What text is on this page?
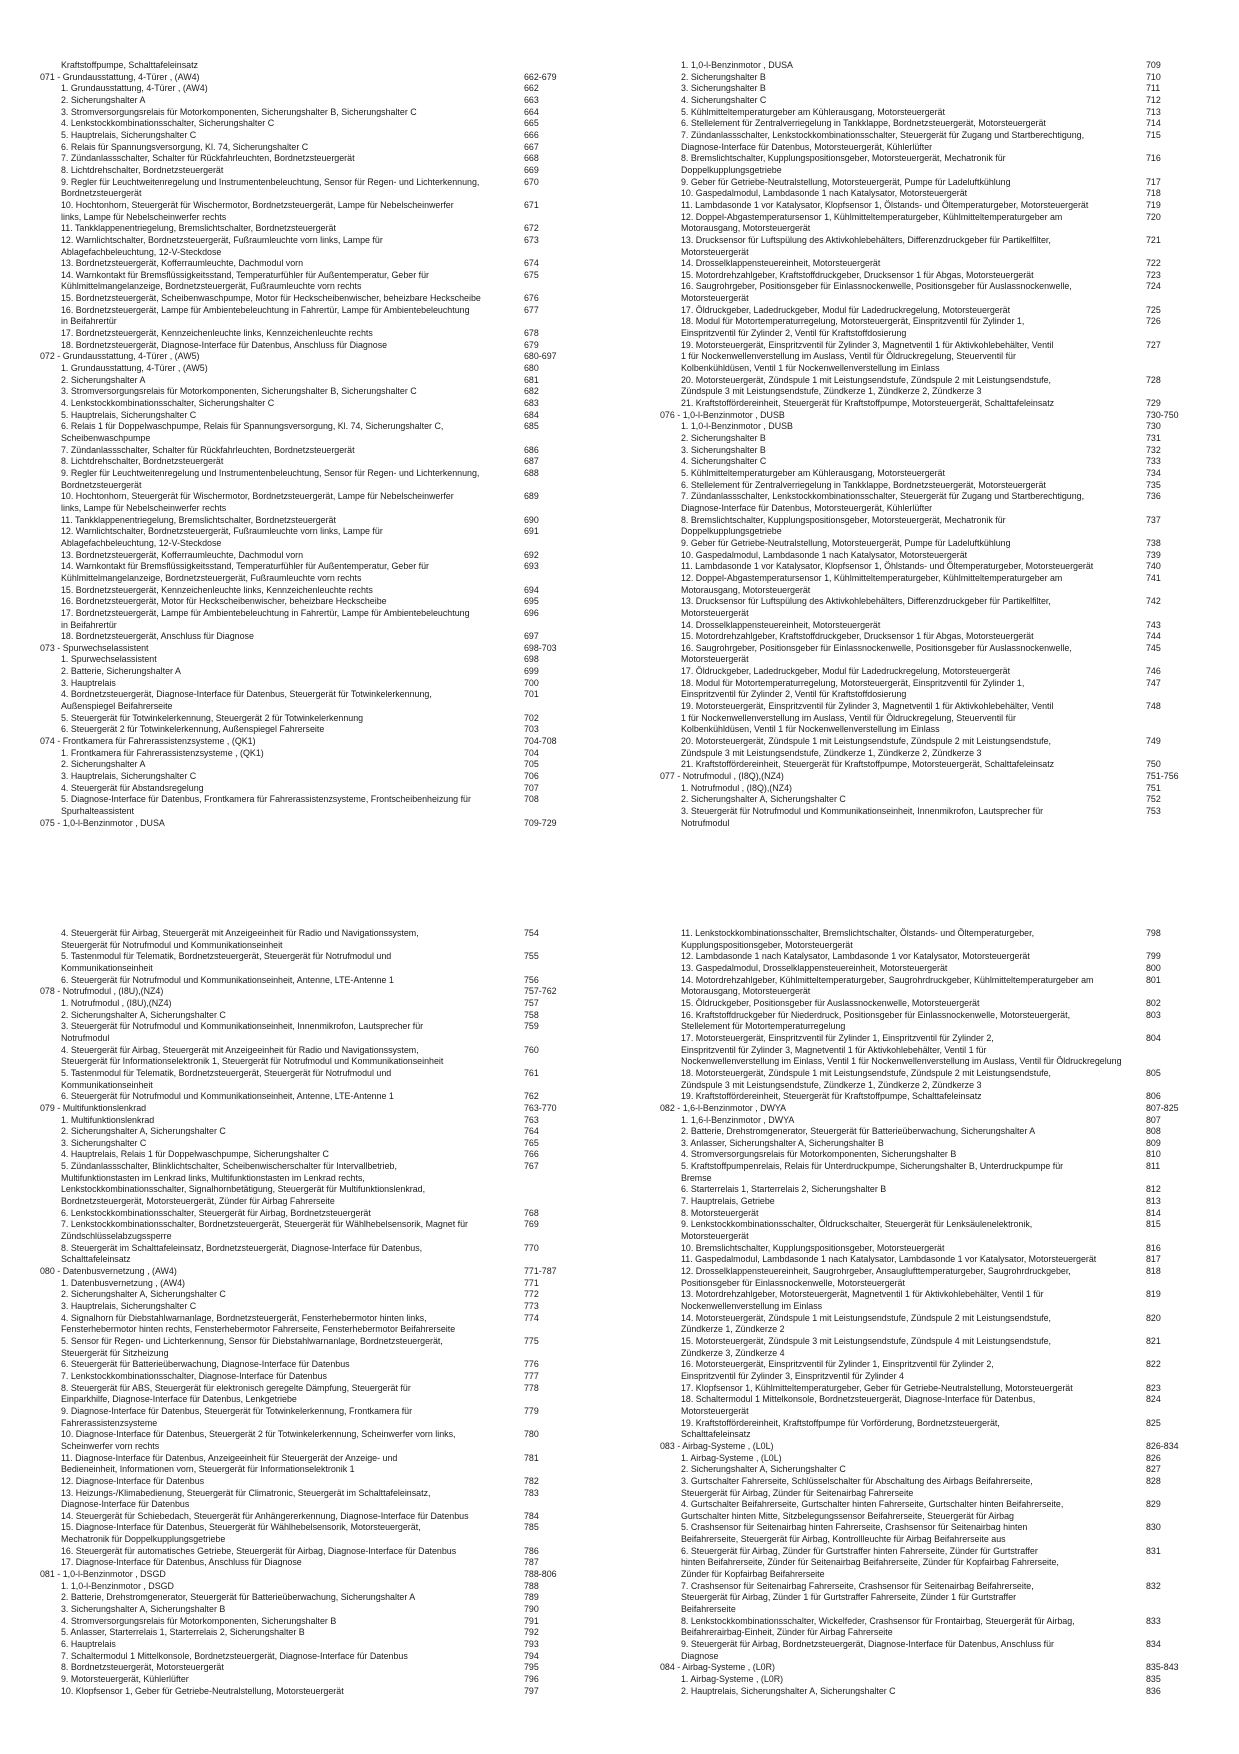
Kraftstoffpumpe, Schalttafeleinsatz
071 - Grundausstattung, 4-Türer , (AW4)	662-679
1. Grundausstattung, 4-Türer , (AW4)	662
2. Sicherungshalter A	663
3. Stromversorgungsrelais für Motorkomponenten, Sicherungshalter B, Sicherungshalter C	664
4. Lenkstockkombinationsschalter, Sicherungshalter C	665
5. Hauptrelais, Sicherungshalter C	666
6. Relais für Spannungsversorgung, Kl. 74, Sicherungshalter C	667
7. Zündanlassschalter, Schalter für Rückfahrleuchten, Bordnetzsteuergerät	668
8. Lichtdrehschalter, Bordnetzsteuergerät	669
9. Regler für Leuchtweitenregelung und Instrumentenbeleuchtung, Sensor für Regen- und Lichterkennung,	670
Bordnetzsteuergerät
10. Hochtonhorn, Steuergerät für Wischermotor, Bordnetzsteuergerät, Lampe für Nebelscheinwerfer	671
links, Lampe für Nebelscheinwerfer rechts
11. Tankklappenentriegelung, Bremslichtschalter, Bordnetzsteuergerät	672
12. Warnlichtschalter, Bordnetzsteuergerät, Fußraumleuchte vorn links, Lampe für	673
Ablagefachbeleuchtung, 12-V-Steckdose
13. Bordnetzsteuergerät, Kofferraumleuchte, Dachmodul vorn	674
14. Warnkontakt für Bremsflüssigkeitsstand, Temperaturfühler für Außentemperatur, Geber für	675
Kühlmittelmangelanzeige, Bordnetzsteuergerät, Fußraumleuchte vorn rechts
15. Bordnetzsteuergerät, Scheibenwaschpumpe, Motor für Heckscheibenwischer, beheizbare Heckscheibe	676
16. Bordnetzsteuergerät, Lampe für Ambientebeleuchtung in Fahrertür, Lampe für Ambientebeleuchtung	677
in Beifahrertür
17. Bordnetzsteuergerät, Kennzeichenleuchte links, Kennzeichenleuchte rechts	678
18. Bordnetzsteuergerät, Diagnose-Interface für Datenbus, Anschluss für Diagnose	679
072 - Grundausstattung, 4-Türer , (AW5)	680-697
1. Grundausstattung, 4-Türer , (AW5)	680
2. Sicherungshalter A	681
3. Stromversorgungsrelais für Motorkomponenten, Sicherungshalter B, Sicherungshalter C	682
4. Lenkstockkombinationsschalter, Sicherungshalter C	683
5. Hauptrelais, Sicherungshalter C	684
6. Relais 1 für Doppelwaschpumpe, Relais für Spannungsversorgung, Kl. 74, Sicherungshalter C,	685
Scheibenwaschpumpe
7. Zündanlassschalter, Schalter für Rückfahrleuchten, Bordnetzsteuergerät	686
8. Lichtdrehschalter, Bordnetzsteuergerät	687
9. Regler für Leuchtweitenregelung und Instrumentenbeleuchtung, Sensor für Regen- und Lichterkennung,	688
Bordnetzsteuergerät
10. Hochtonhorn, Steuergerät für Wischermotor, Bordnetzsteuergerät, Lampe für Nebelscheinwerfer	689
links, Lampe für Nebelscheinwerfer rechts
11. Tankklappenentriegelung, Bremslichtschalter, Bordnetzsteuergerät	690
12. Warnlichtschalter, Bordnetzsteuergerät, Fußraumleuchte vorn links, Lampe für	691
Ablagefachbeleuchtung, 12-V-Steckdose
13. Bordnetzsteuergerät, Kofferraumleuchte, Dachmodul vorn	692
14. Warnkontakt für Bremsflüssigkeitsstand, Temperaturfühler für Außentemperatur, Geber für	693
Kühlmittelmangelanzeige, Bordnetzsteuergerät, Fußraumleuchte vorn rechts
15. Bordnetzsteuergerät, Kennzeichenleuchte links, Kennzeichenleuchte rechts	694
16. Bordnetzsteuergerät, Motor für Heckscheibenwischer, beheizbare Heckscheibe	695
17. Bordnetzsteuergerät, Lampe für Ambientebeleuchtung in Fahrertür, Lampe für Ambientebeleuchtung	696
in Beifahrertür
18. Bordnetzsteuergerät, Anschluss für Diagnose	697
073 - Spurwechselassistent	698-703
1. Spurwechselassistent	698
2. Batterie, Sicherungshalter A	699
3. Hauptrelais	700
4. Bordnetzsteuergerät, Diagnose-Interface für Datenbus, Steuergerät für Totwinkelerkennung,	701
Außenspiegel Beifahrerseite
5. Steuergerät für Totwinkelerkennung, Steuergerät 2 für Totwinkelerkennung	702
6. Steuergerät 2 für Totwinkelerkennung, Außenspiegel Fahrerseite	703
074 - Frontkamera für Fahrerassistenzsysteme , (QK1)	704-708
1. Frontkamera für Fahrerassistenzsysteme , (QK1)	704
2. Sicherungshalter A	705
3. Hauptrelais, Sicherungshalter C	706
4. Steuergerät für Abstandsregelung	707
5. Diagnose-Interface für Datenbus, Frontkamera für Fahrerassistenzsysteme, Frontscheibenheizung für	708
Spurhalteassistent
075 - 1,0-l-Benzinmotor , DUSA	709-729
1. 1,0-l-Benzinmotor , DUSA	709
2. Sicherungshalter B	710
3. Sicherungshalter B	711
4. Sicherungshalter C	712
5. Kühlmitteltemperaturgeber am Kühlerausgang, Motorsteuergerät	713
6. Stellelement für Zentralverriegelung in Tankklappe, Bordnetzsteuergerät, Motorsteuergerät	714
7. Zündanlassschalter, Lenkstockkombinationsschalter, Steuergerät für Zugang und Startberechtigung,	715
Diagnose-Interface für Datenbus, Motorsteuergerät, Kühlerlüfter
8. Bremslichtschalter, Kupplungspositionsgeber, Motorsteuergerät, Mechatronik für	716
Doppelkupplungsgetriebe
9. Geber für Getriebe-Neutralstellung, Motorsteuergerät, Pumpe für Ladeluftkühlung	717
10. Gaspedalmodul, Lambdasonde 1 nach Katalysator, Motorsteuergerät	718
11. Lambdasonde 1 vor Katalysator, Klopfsensor 1, Ölstands- und Öltemperaturgeber, Motorsteuergerät	719
12. Doppel-Abgastemperatursensor 1, Kühlmitteltemperaturgeber, Kühlmitteltemperaturgeber am	720
Motorausgang, Motorsteuergerät
13. Drucksensor für Luftspülung des Aktivkohlebehälters, Differenzdruckgeber für Partikelfilter,	721
Motorsteuergerät
14. Drosselklappensteuereinheit, Motorsteuergerät	722
15. Motordrehzahlgeber, Kraftstoffdruckgeber, Drucksensor 1 für Abgas, Motorsteuergerät	723
16. Saugrohrgeber, Positionsgeber für Einlassnockenwelle, Positionsgeber für Auslassnockenwelle,	724
Motorsteuergerät
17. Öldruckgeber, Ladedruckgeber, Modul für Ladedruckregelung, Motorsteuergerät	725
18. Modul für Motortemperaturregelung, Motorsteuergerät, Einspritzventil für Zylinder 1,	726
Einspritzventil für Zylinder 2, Ventil für Kraftstoffdosierung
19. Motorsteuergerät, Einspritzventil für Zylinder 3, Magnetventil 1 für Aktivkohlebehälter, Ventil	727
1 für Nockenwellenverstellung im Auslass, Ventil für Öldruckregelung, Steuerventil für
Kolbenkühldüsen, Ventil 1 für Nockenwellenverstellung im Einlass
20. Motorsteuergerät, Zündspule 1 mit Leistungsendstufe, Zündspule 2 mit Leistungsendstufe,	728
Zündspule 3 mit Leistungsendstufe, Zündkerze 1, Zündkerze 2, Zündkerze 3
21. Kraftstoffördereinheit, Steuergerät für Kraftstoffpumpe, Motorsteuergerät, Schalttafeleinsatz	729
076 - 1,0-l-Benzinmotor , DUSB	730-750
1. 1,0-l-Benzinmotor , DUSB	730
2. Sicherungshalter B	731
3. Sicherungshalter B	732
4. Sicherungshalter C	733
5. Kühlmitteltemperaturgeber am Kühlerausgang, Motorsteuergerät	734
6. Stellelement für Zentralverriegelung in Tankklappe, Bordnetzsteuergerät, Motorsteuergerät	735
7. Zündanlassschalter, Lenkstockkombinationsschalter, Steuergerät für Zugang und Startberechtigung,	736
Diagnose-Interface für Datenbus, Motorsteuergerät, Kühlerlüfter
8. Bremslichtschalter, Kupplungspositionsgeber, Motorsteuergerät, Mechatronik für	737
Doppelkupplungsgetriebe
9. Geber für Getriebe-Neutralstellung, Motorsteuergerät, Pumpe für Ladeluftkühlung	738
10. Gaspedalmodul, Lambdasonde 1 nach Katalysator, Motorsteuergerät	739
11. Lambdasonde 1 vor Katalysator, Klopfsensor 1, Öhlstands- und Öltemperaturgeber, Motorsteuergerät	740
12. Doppel-Abgastemperatursensor 1, Kühlmitteltemperaturgeber, Kühlmitteltemperaturgeber am	741
Motorausgang, Motorsteuergerät
13. Drucksensor für Luftspülung des Aktivkohlebehälters, Differenzdruckgeber für Partikelfilter,	742
Motorsteuergerät
14. Drosselklappensteuereinheit, Motorsteuergerät	743
15. Motordrehzahlgeber, Kraftstoffdruckgeber, Drucksensor 1 für Abgas, Motorsteuergerät	744
16. Saugrohrgeber, Positionsgeber für Einlassnockenwelle, Positionsgeber für Auslassnockenwelle,	745
Motorsteuergerät
17. Öldruckgeber, Ladedruckgeber, Modul für Ladedruckregelung, Motorsteuergerät	746
18. Modul für Motortemperaturregelung, Motorsteuergerät, Einspritzventil für Zylinder 1,	747
Einspritzventil für Zylinder 2, Ventil für Kraftstoffdosierung
19. Motorsteuergerät, Einspritzventil für Zylinder 3, Magnetventil 1 für Aktivkohlebehälter, Ventil	748
1 für Nockenwellenverstellung im Auslass, Ventil für Öldruckregelung, Steuerventil für
Kolbenkühldüsen, Ventil 1 für Nockenwellenverstellung im Einlass
20. Motorsteuergerät, Zündspule 1 mit Leistungsendstufe, Zündspule 2 mit Leistungsendstufe,	749
Zündspule 3 mit Leistungsendstufe, Zündkerze 1, Zündkerze 2, Zündkerze 3
21. Kraftstoffördereinheit, Steuergerät für Kraftstoffpumpe, Motorsteuergerät, Schalttafeleinsatz	750
077 - Notrufmodul , (I8Q),(NZ4)	751-756
1. Notrufmodul , (I8Q),(NZ4)	751
2. Sicherungshalter A, Sicherungshalter C	752
3. Steuergerät für Notrufmodul und Kommunikationseinheit, Innenmikrofon, Lautsprecher für	753
Notrufmodul
4. Steuergerät für Airbag, Steuergerät mit Anzeigeeinheit für Radio und Navigationssystem,	754
Steuergerät für Notrufmodul und Kommunikationseinheit
5. Tastenmodul für Telematik, Bordnetzsteuergerät, Steuergerät für Notrufmodul und	755
Kommunikationseinheit
6. Steuergerät für Notrufmodul und Kommunikationseinheit, Antenne, LTE-Antenne 1	756
078 - Notrufmodul , (I8U),(NZ4)	757-762
1. Notrufmodul , (I8U),(NZ4)	757
2. Sicherungshalter A, Sicherungshalter C	758
3. Steuergerät für Notrufmodul und Kommunikationseinheit, Innenmikrofon, Lautsprecher für	759
Notrufmodul
4. Steuergerät für Airbag, Steuergerät mit Anzeigeeinheit für Radio und Navigationssystem,	760
Steuergerät für Informationselektronik 1, Steuergerät für Notrufmodul und Kommunikationseinheit
5. Tastenmodul für Telematik, Bordnetzsteuergerät, Steuergerät für Notrufmodul und	761
Kommunikationseinheit
6. Steuergerät für Notrufmodul und Kommunikationseinheit, Antenne, LTE-Antenne 1	762
079 - Multifunktionslenkrad	763-770
1. Multifunktionslenkrad	763
2. Sicherungshalter A, Sicherungshalter C	764
3. Sicherungshalter C	765
4. Hauptrelais, Relais 1 für Doppelwaschpumpe, Sicherungshalter C	766
5. Zündanlassschalter, Blinklichtschalter, Scheibenwischerschalter für Intervallbetrieb,	767
Multifunktionstasten im Lenkrad links, Multifunktionstasten im Lenkrad rechts,
Lenkstockkombinationsschalter, Signalhornbetätigung, Steuergerät für Multifunktionslenkrad,
Bordnetzsteuergerät, Motorsteuergerät, Zünder für Airbag Fahrerseite
6. Lenkstockkombinationsschalter, Steuergerät für Airbag, Bordnetzsteuergerät	768
7. Lenkstockkombinationsschalter, Bordnetzsteuergerät, Steuergerät für Wählhebelsensorik, Magnet für	769
Zündschlüsselabzugssperre
8. Steuergerät im Schalttafeleinsatz, Bordnetzsteuergerät, Diagnose-Interface für Datenbus,	770
Schalttafeleinsatz
080 - Datenbusvernetzung , (AW4)	771-787
1. Datenbusvernetzung , (AW4)	771
2. Sicherungshalter A, Sicherungshalter C	772
3. Hauptrelais, Sicherungshalter C	773
4. Signalhorn für Diebstahlwarnanlage, Bordnetzsteuergerät, Fensterhebermotor hinten links,	774
Fensterhebermotor hinten rechts, Fensterhebermotor Fahrerseite, Fensterhebermotor Beifahrerseite
5. Sensor für Regen- und Lichterkennung, Sensor für Diebstahlwarnanlage, Bordnetzsteuergerät,	775
Steuergerät für Sitzheizung
6. Steuergerät für Batterieüberwachung, Diagnose-Interface für Datenbus	776
7. Lenkstockkombinationsschalter, Diagnose-Interface für Datenbus	777
8. Steuergerät für ABS, Steuergerät für elektronisch geregelte Dämpfung, Steuergerät für	778
Einparkhilfe, Diagnose-Interface für Datenbus, Lenkgetriebe
9. Diagnose-Interface für Datenbus, Steuergerät für Totwinkelerkennung, Frontkamera für	779
Fahrerassistenzsysteme
10. Diagnose-Interface für Datenbus, Steuergerät 2 für Totwinkelerkennung, Scheinwerfer vorn links,	780
Scheinwerfer vorn rechts
11. Diagnose-Interface für Datenbus, Anzeigeeinheit für Steuergerät der Anzeige- und	781
Bedieneinheit, Informationen vorn, Steuergerät für Informationselektronik 1
12. Diagnose-Interface für Datenbus	782
13. Heizungs-/Klimabedienung, Steuergerät für Climatronic, Steuergerät im Schalttafeleinsatz,	783
Diagnose-Interface für Datenbus
14. Steuergerät für Schiebedach, Steuergerät für Anhängererkennung, Diagnose-Interface für Datenbus	784
15. Diagnose-Interface für Datenbus, Steuergerät für Wählhebelsensorik, Motorsteuergerät,	785
Mechatronik für Doppelkupplungsgetriebe
16. Steuergerät für automatisches Getriebe, Steuergerät für Airbag, Diagnose-Interface für Datenbus	786
17. Diagnose-Interface für Datenbus, Anschluss für Diagnose	787
081 - 1,0-l-Benzinmotor , DSGD	788-806
1. 1,0-l-Benzinmotor , DSGD	788
2. Batterie, Drehstromgenerator, Steuergerät für Batterieüberwachung, Sicherungshalter A	789
3. Sicherungshalter A, Sicherungshalter B	790
4. Stromversorgungsrelais für Motorkomponenten, Sicherungshalter B	791
5. Anlasser, Starterrelais 1, Starterrelais 2, Sicherungshalter B	792
6. Hauptrelais	793
7. Schaltermodul 1 Mittelkonsole, Bordnetzsteuergerät, Diagnose-Interface für Datenbus	794
8. Bordnetzsteuergerät, Motorsteuergerät	795
9. Motorsteuergerät, Kühlerlüfter	796
10. Klopfsensor 1, Geber für Getriebe-Neutralstellung, Motorsteuergerät	797
11. Lenkstockkombinationsschalter, Bremslichtschalter, Ölstands- und Öltemperaturgeber,	798
Kupplungspositionsgeber, Motorsteuergerät
12. Lambdasonde 1 nach Katalysator, Lambdasonde 1 vor Katalysator, Motorsteuergerät	799
13. Gaspedalmodul, Drosselklappensteuereinheit, Motorsteuergerät	800
14. Motordrehzahlgeber, Kühlmitteltemperaturgeber, Saugrohrdruckgeber, Kühlmitteltemperaturgeber am	801
Motorausgang, Motorsteuergerät
15. Öldruckgeber, Positionsgeber für Auslassnockenwelle, Motorsteuergerät	802
16. Kraftstoffdruckgeber für Niederdruck, Positionsgeber für Einlassnockenwelle, Motorsteuergerät,	803
Stellelement für Motortemperaturregelung
17. Motorsteuergerät, Einspritzventil für Zylinder 1, Einspritzventil für Zylinder 2,	804
Einspritzventil für Zylinder 3, Magnetventil 1 für Aktivkohlebehälter, Ventil 1 für
Nockenwellenverstellung im Einlass, Ventil 1 für Nockenwellenverstellung im Auslass, Ventil für Öldruckregelung
18. Motorsteuergerät, Zündspule 1 mit Leistungsendstufe, Zündspule 2 mit Leistungsendstufe,	805
Zündspule 3 mit Leistungsendstufe, Zündkerze 1, Zündkerze 2, Zündkerze 3
19. Kraftstoffördereinheit, Steuergerät für Kraftstoffpumpe, Schalttafeleinsatz	806
082 - 1,6-l-Benzinmotor , DWYA	807-825
1. 1,6-l-Benzinmotor , DWYA	807
2. Batterie, Drehstromgenerator, Steuergerät für Batterieüberwachung, Sicherungshalter A	808
3. Anlasser, Sicherungshalter A, Sicherungshalter B	809
4. Stromversorgungsrelais für Motorkomponenten, Sicherungshalter B	810
5. Kraftstoffpumpenrelais, Relais für Unterdruckpumpe, Sicherungshalter B, Unterdruckpumpe für	811
Bremse
6. Starterrelais 1, Starterrelais 2, Sicherungshalter B	812
7. Hauptrelais, Getriebe	813
8. Motorsteuergerät	814
9. Lenkstockkombinationsschalter, Öldruckschalter, Steuergerät für Lenksäulenelektronik,	815
Motorsteuergerät
10. Bremslichtschalter, Kupplungspositionsgeber, Motorsteuergerät	816
11. Gaspedalmodul, Lambdasonde 1 nach Katalysator, Lambdasonde 1 vor Katalysator, Motorsteuergerät	817
12. Drosselklappensteuereinheit, Saugrohrgeber, Ansauglufttemperaturgeber, Saugrohrdruckgeber,	818
Positionsgeber für Einlassnockenwelle, Motorsteuergerät
13. Motordrehzahlgeber, Motorsteuergerät, Magnetventil 1 für Aktivkohlebehälter, Ventil 1 für	819
Nockenwellenverstellung im Einlass
14. Motorsteuergerät, Zündspule 1 mit Leistungsendstufe, Zündspule 2 mit Leistungsendstufe,	820
Zündkerze 1, Zündkerze 2
15. Motorsteuergerät, Zündspule 3 mit Leistungsendstufe, Zündspule 4 mit Leistungsendstufe,	821
Zündkerze 3, Zündkerze 4
16. Motorsteuergerät, Einspritzventil für Zylinder 1, Einspritzventil für Zylinder 2,	822
Einspritzventil für Zylinder 3, Einspritzventil für Zylinder 4
17. Klopfsensor 1, Kühlmitteltemperaturgeber, Geber für Getriebe-Neutralstellung, Motorsteuergerät	823
18. Schaltermodul 1 Mittelkonsole, Bordnetzsteuergerät, Diagnose-Interface für Datenbus,	824
Motorsteuergerät
19. Kraftstoffördereinheit, Kraftstoffpumpe für Vorförderung, Bordnetzsteuergerät,	825
Schalttafeleinsatz
083 - Airbag-Systeme , (L0L)	826-834
1. Airbag-Systeme , (L0L)	826
2. Sicherungshalter A, Sicherungshalter C	827
3. Gurtschalter Fahrerseite, Schlüsselschalter für Abschaltung des Airbags Beifahrerseite,	828
Steuergerät für Airbag, Zünder für Seitenairbag Fahrerseite
4. Gurtschalter Beifahrerseite, Gurtschalter hinten Fahrerseite, Gurtschalter hinten Beifahrerseite,	829
Gurtschalter hinten Mitte, Sitzbelegungssensor Beifahrerseite, Steuergerät für Airbag
5. Crashsensor für Seitenairbag hinten Fahrerseite, Crashsensor für Seitenairbag hinten	830
Beifahrerseite, Steuergerät für Airbag, Kontrollleuchte für Airbag Beifahrerseite aus
6. Steuergerät für Airbag, Zünder für Gurtstraffer hinten Fahrerseite, Zünder für Gurtstraffer	831
hinten Beifahrerseite, Zünder für Seitenairbag Beifahrerseite, Zünder für Kopfairbag Fahrerseite,
Zünder für Kopfairbag Beifahrerseite
7. Crashsensor für Seitenairbag Fahrerseite, Crashsensor für Seitenairbag Beifahrerseite,	832
Steuergerät für Airbag, Zünder 1 für Gurtstraffer Fahrerseite, Zünder 1 für Gurtstraffer
Beifahrerseite
8. Lenkstockkombinationsschalter, Wickelfeder, Crashsensor für Frontairbag, Steuergerät für Airbag,	833
Beifahrerairbag-Einheit, Zünder für Airbag Fahrerseite
9. Steuergerät für Airbag, Bordnetzsteuergerät, Diagnose-Interface für Datenbus, Anschluss für	834
Diagnose
084 - Airbag-Systeme , (L0R)	835-843
1. Airbag-Systeme , (L0R)	835
2. Hauptrelais, Sicherungshalter A, Sicherungshalter C	836
